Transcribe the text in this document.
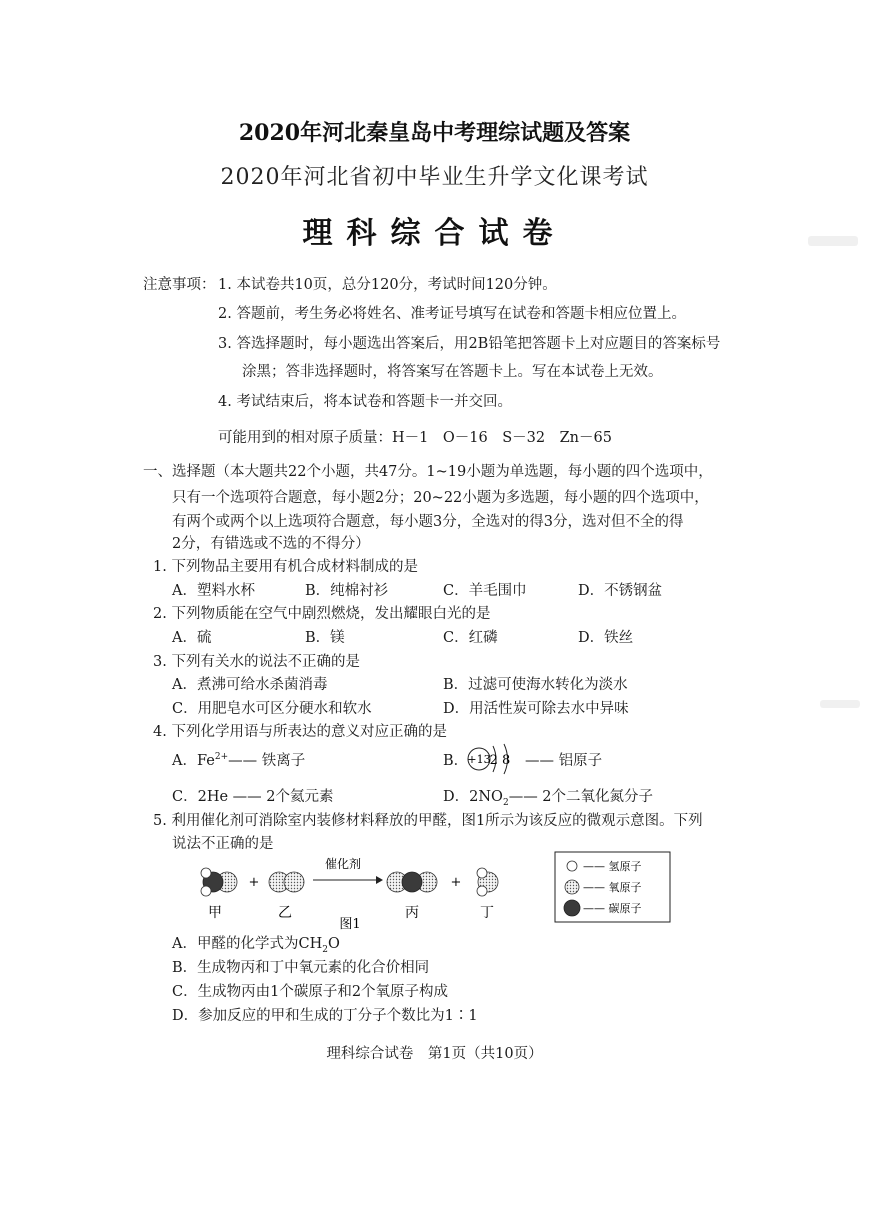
2020年河北秦皇岛中考理综试题及答案
2020年河北省初中毕业生升学文化课考试
理科综合试卷
注意事项： 1. 本试卷共10页，总分120分，考试时间120分钟。
2. 答题前，考生务必将姓名、准考证号填写在试卷和答题卡相应位置上。
3. 答选择题时，每小题选出答案后，用2B铅笔把答题卡上对应题目的答案标号
涂黑；答非选择题时，将答案写在答题卡上。写在本试卷上无效。
4. 考试结束后，将本试卷和答题卡一并交回。
可能用到的相对原子质量：H－1　O－16　S－32　Zn－65
一、选择题（本大题共22个小题，共47分。1~19小题为单选题，每小题的四个选项中，
只有一个选项符合题意，每小题2分；20~22小题为多选题，每小题的四个选项中，
有两个或两个以上选项符合题意，每小题3分，全选对的得3分，选对但不全的得
2分，有错选或不选的不得分）
1. 下列物品主要用有机合成材料制成的是
A．塑料水杯	B．纯棉衬衫	C．羊毛围巾	D．不锈钢盆
2. 下列物质能在空气中剧烈燃烧，发出耀眼白光的是
A．硫	B．镁	C．红磷	D．铁丝
3. 下列有关水的说法不正确的是
A．煮沸可给水杀菌消毒	B．过滤可使海水转化为淡水
C．用肥皂水可区分硬水和软水	D．用活性炭可除去水中异味
4. 下列化学用语与所表达的意义对应正确的是
A．$Fe^{2+}——$ 铁离子	B． +13 2 8 —— 铝原子
C．2He —— 2个氦元素	D．$2NO_2——$ 2个二氧化氮分子
5. 利用催化剂可消除室内装修材料释放的甲醛，图1所示为该反应的微观示意图。下列
说法不正确的是
+
催化剂
+
甲	乙	丙	丁
图1
—— 氢原子
—— 氧原子
—— 碳原子
A．甲醛的化学式为$CH_2O$
B．生成物丙和丁中氧元素的化合价相同
C．生成物丙由1个碳原子和2个氧原子构成
D．参加反应的甲和生成的丁分子个数比为1∶1
理科综合试卷　第1页（共10页）
